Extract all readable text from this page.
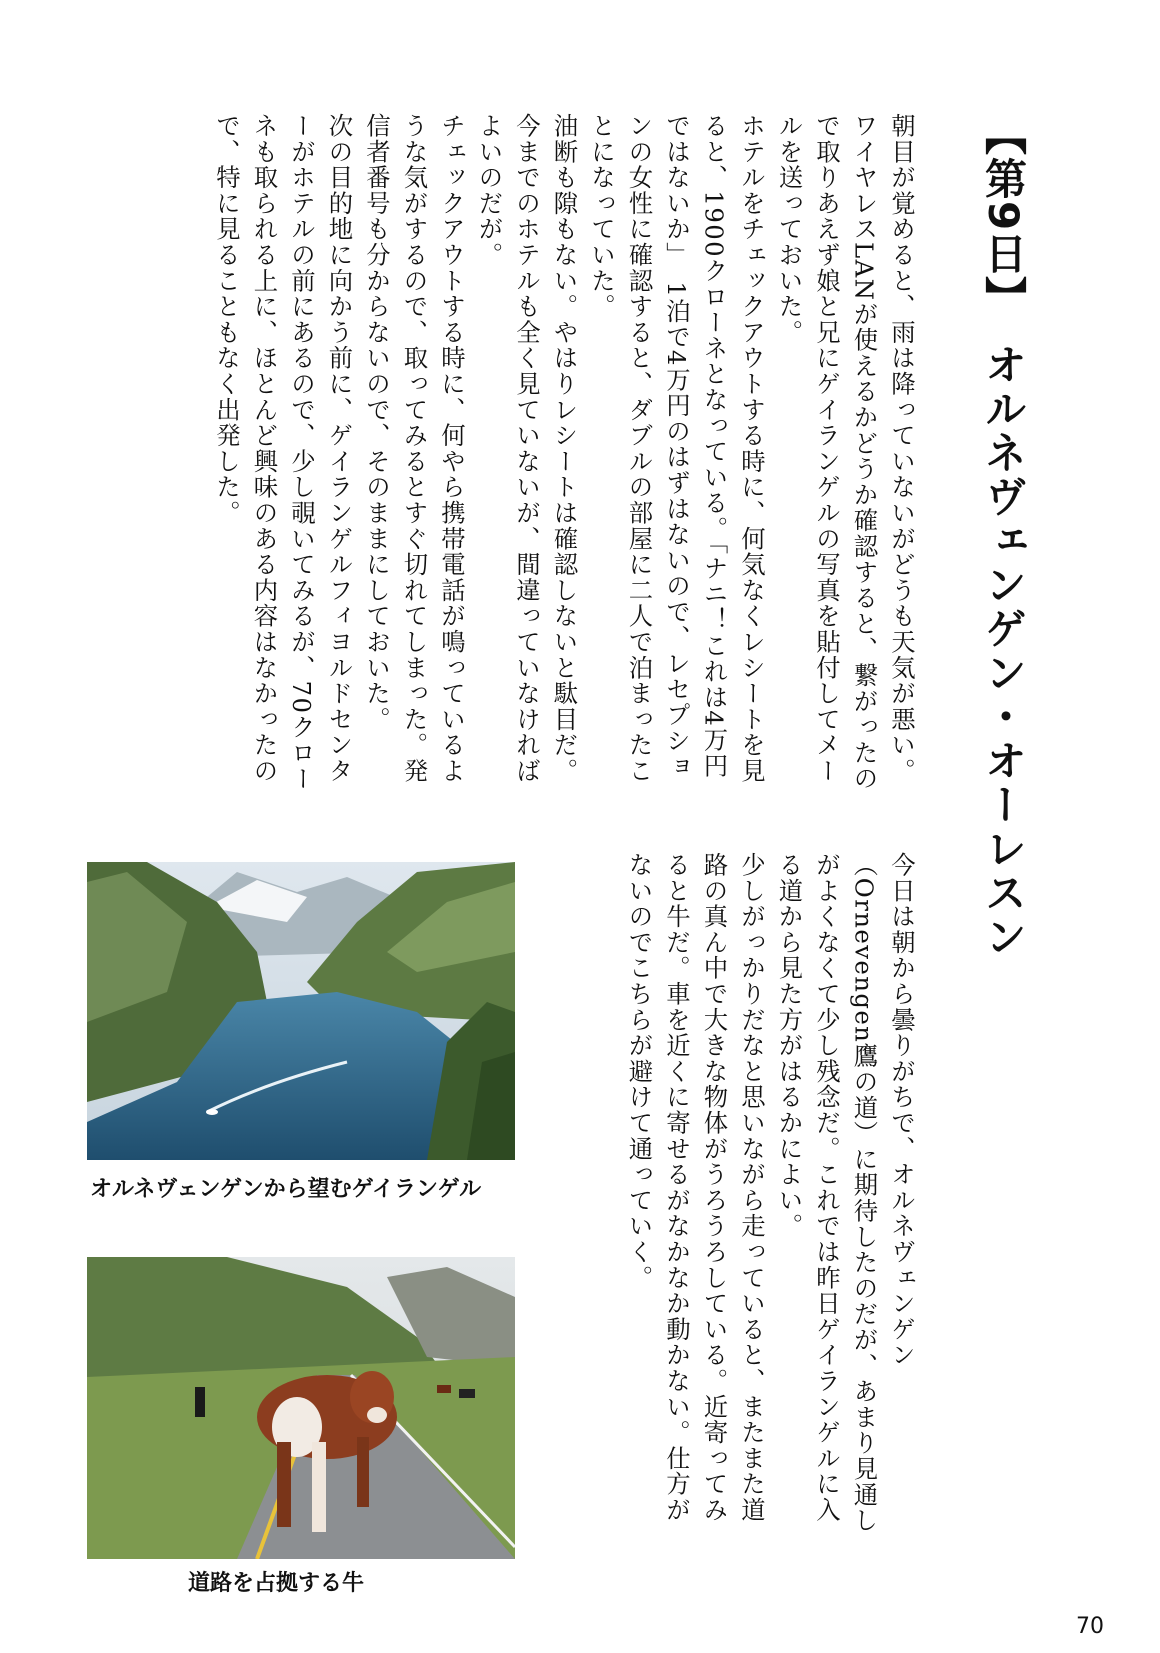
【第9日】　オルネヴェンゲン・オーレスン

朝目が覚めると、雨は降っていないがどうも天気が悪い。ワイヤレスLANが使えるかどうか確認すると、繋がったので取りあえず娘と兄にゲイランゲルの写真を貼付してメールを送っておいた。

ホテルをチェックアウトする時に、何気なくレシートを見ると、1900クローネとなっている。「ナニ！これは4万円ではないか」　1泊で4万円のはずはないので、レセプションの女性に確認すると、ダブルの部屋に二人で泊まったことになっていた。

油断も隙もない。やはりレシートは確認しないと駄目だ。今までのホテルも全く見ていないが、間違っていなければよいのだが。

チェックアウトする時に、何やら携帯電話が鳴っているような気がするので、取ってみるとすぐ切れてしまった。発信者番号も分からないので、そのままにしておいた。

次の目的地に向かう前に、ゲイランゲルフィヨルドセンターがホテルの前にあるので、少し覗いてみるが、70クローネも取られる上に、ほとんど興味のある内容はなかったので、特に見ることもなく出発した。

今日は朝から曇りがちで、オルネヴェンゲン（Ornevengen鷹の道）に期待したのだが、あまり見通しがよくなくて少し残念だ。これでは昨日ゲイランゲルに入る道から見た方がはるかによい。

少しがっかりだなと思いながら走っていると、またまた道路の真ん中で大きな物体がうろうろしている。近寄ってみると牛だ。車を近くに寄せるがなかなか動かない。仕方がないのでこちらが避けて通っていく。

オルネヴェンゲンから望むゲイランゲル
道路を占拠する牛
70
